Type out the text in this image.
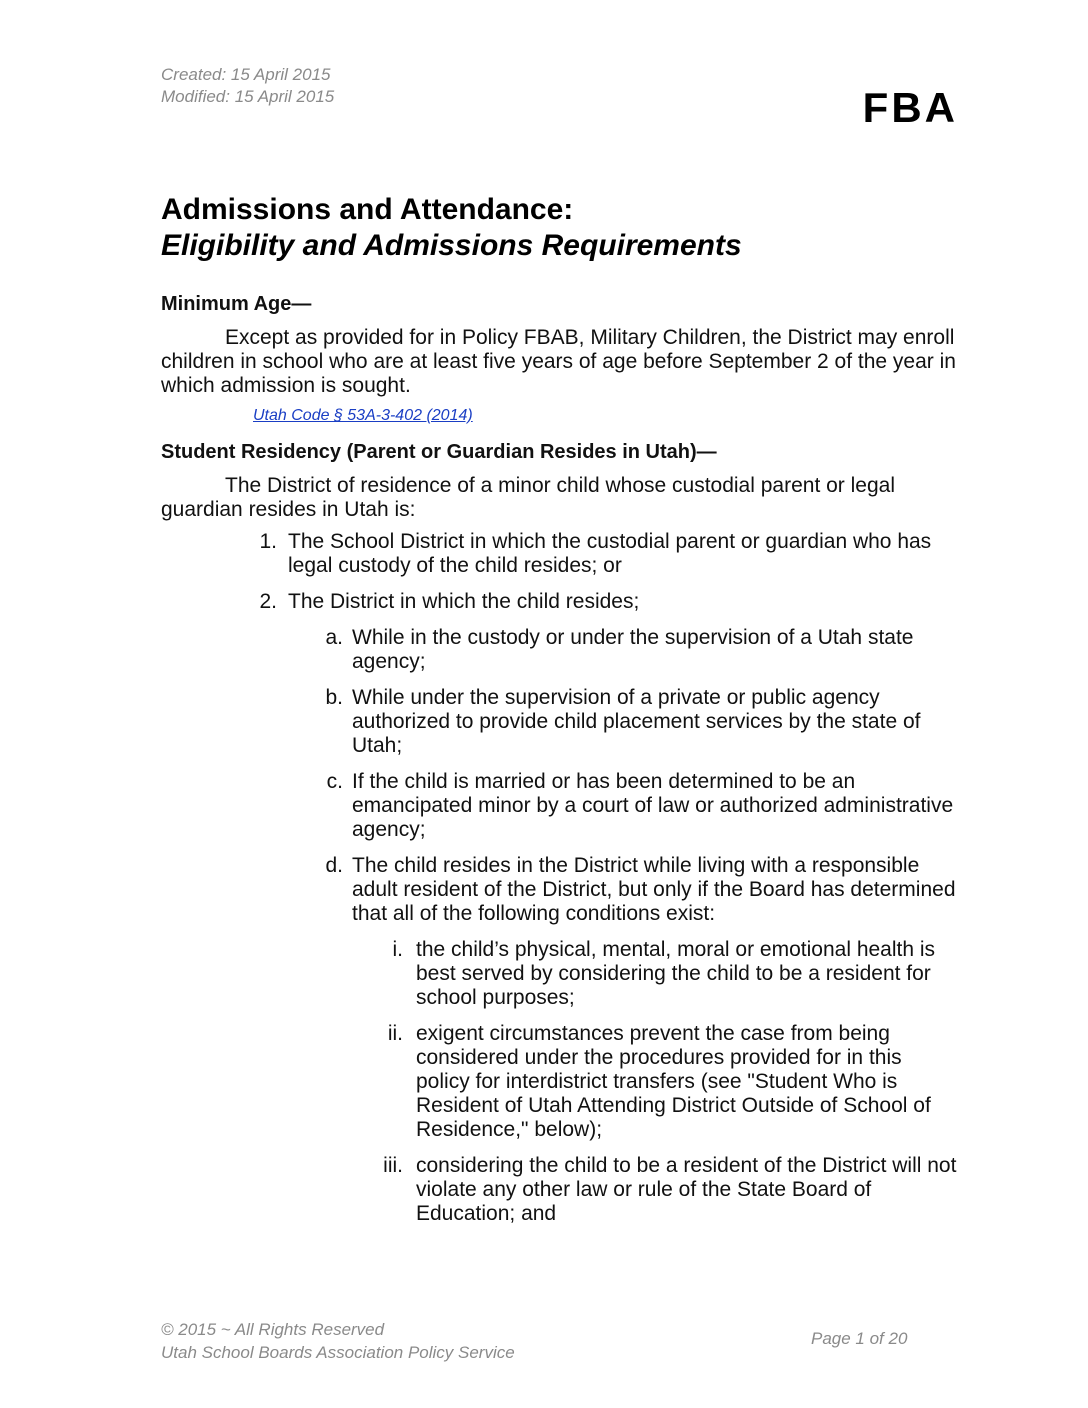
Created: 15 April 2015
Modified: 15 April 2015	FBA
Admissions and Attendance:
Eligibility and Admissions Requirements

Minimum Age—

Except as provided for in Policy FBAB, Military Children, the District may enroll children in school who are at least five years of age before September 2 of the year in which admission is sought.

Utah Code § 53A-3-402 (2014)

Student Residency (Parent or Guardian Resides in Utah)—

The District of residence of a minor child whose custodial parent or legal guardian resides in Utah is:

1. The School District in which the custodial parent or guardian who has legal custody of the child resides; or
2. The District in which the child resides;
a. While in the custody or under the supervision of a Utah state agency;
b. While under the supervision of a private or public agency authorized to provide child placement services by the state of Utah;
c. If the child is married or has been determined to be an emancipated minor by a court of law or authorized administrative agency;
d. The child resides in the District while living with a responsible adult resident of the District, but only if the Board has determined that all of the following conditions exist:
i. the child’s physical, mental, moral or emotional health is best served by considering the child to be a resident for school purposes;
ii. exigent circumstances prevent the case from being considered under the procedures provided for in this policy for interdistrict transfers (see "Student Who is Resident of Utah Attending District Outside of School of Residence," below);
iii. considering the child to be a resident of the District will not violate any other law or rule of the State Board of Education; and
© 2015 ~ All Rights Reserved
Utah School Boards Association Policy Service
Page 1 of 20
